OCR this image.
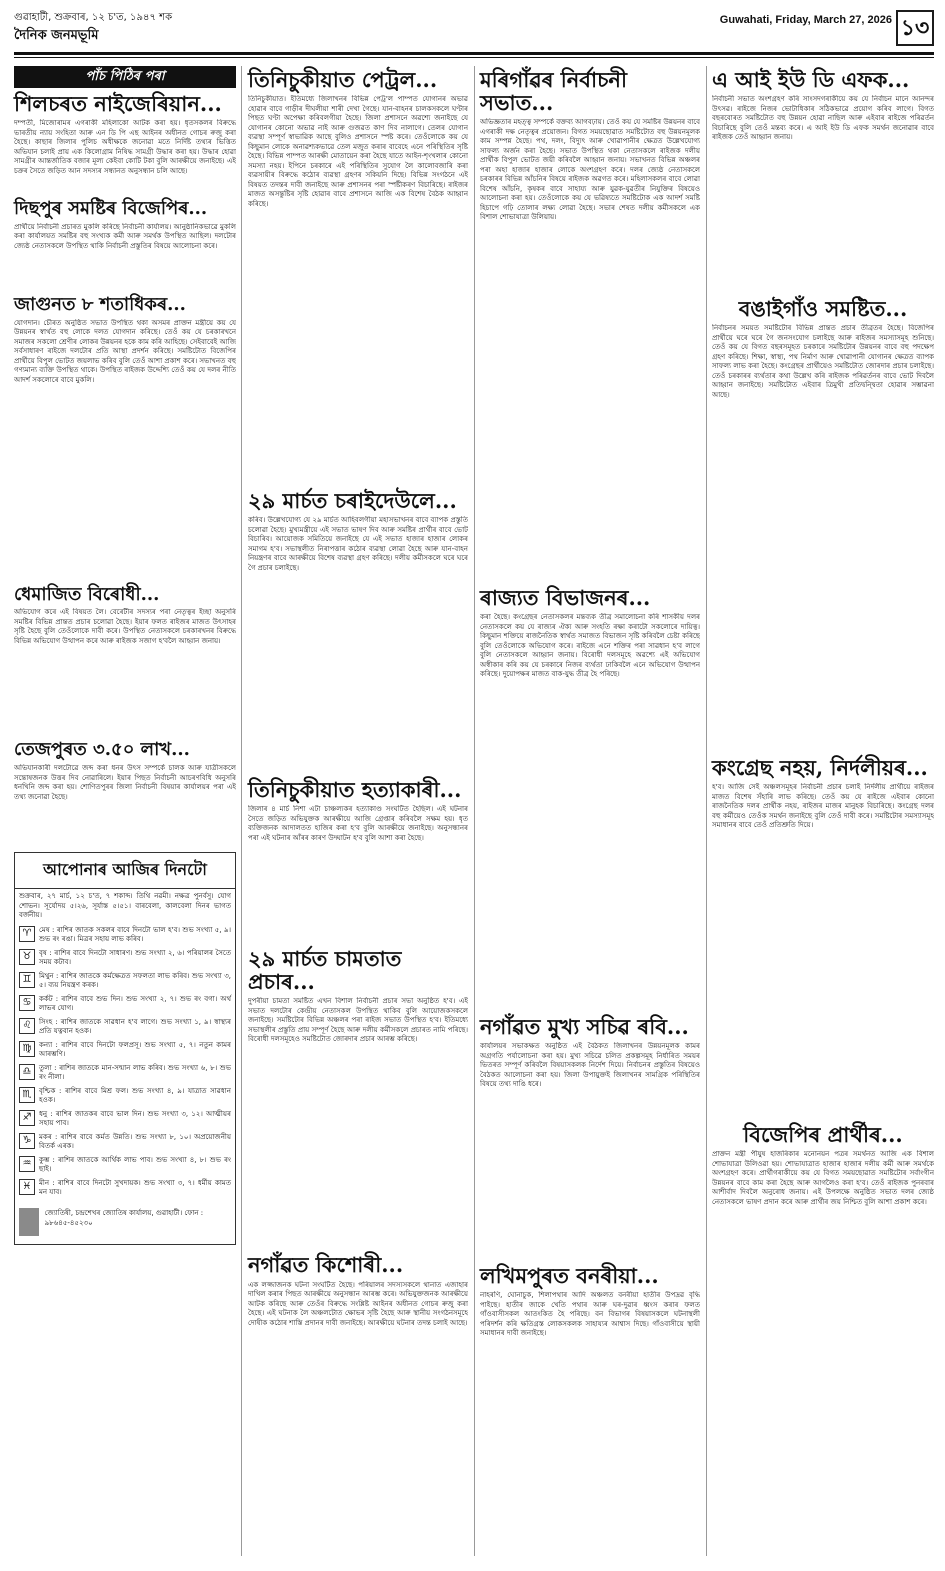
গুৱাহাটী, শুক্ৰবাৰ, ১২ চ'ত, ১৯৪৭ শক
দৈনিক জনমভূমি
Guwahati, Friday, March 27, 2026 ১৩
পাঁচ পিঠিৰ পৰা
শিলচৰত নাইজেৰিয়ান...
দম্পতী, মিজোৰামৰ এগৰাকী মহিলাকো আটক কৰা হয়। ধৃতসকলৰ বিৰুদ্ধে ভাৰতীয় ন্যায় সংহিতা আৰু এন ডি পি এছ আইনৰ অধীনত গোচৰ ৰুজু কৰা হৈছে। কাছাৰ জিলাৰ পুলিচ অধীক্ষকে জনোৱা মতে নিৰ্দিষ্ট তথ্যৰ ভিত্তিত অভিযান চলাই প্ৰায় এক কিলোগ্ৰাম নিষিদ্ধ সামগ্ৰী উদ্ধাৰ কৰা হয়। উদ্ধাৰ হোৱা সামগ্ৰীৰ আন্তৰ্জাতিক বজাৰ মূল্য কেইবা কোটি টকা বুলি আৰক্ষীয়ে জনাইছে। এই চক্ৰৰ সৈতে জড়িত আন সদস্যৰ সন্ধানত অনুসন্ধান চলি আছে।
দিছপুৰ সমষ্টিৰ বিজেপিৰ...
প্ৰাৰ্থীয়ে নিৰ্বাচনী প্ৰচাৰত মুকলি কৰিছে নিৰ্বাচনী কাৰ্যালয়। আনুষ্ঠানিকভাৱে মুকলি কৰা কাৰ্যালয়ত সমষ্টিৰ বহু সংখ্যক কৰ্মী আৰু সমৰ্থক উপস্থিত আছিল। দলটোৰ জ্যেষ্ঠ নেতাসকলে উপস্থিত থাকি নিৰ্বাচনী প্ৰস্তুতিৰ বিষয়ে আলোচনা কৰে।
জাগুনত ৮ শতাধিকৰ...
যোগদান। চৌৰত অনুষ্ঠিত সভাত উপস্থিত থকা অসমৰ প্ৰাক্তন মন্ত্ৰীয়ে কয় যে উন্নয়নৰ স্বাৰ্থত বহু লোকে দলত যোগদান কৰিছে। তেওঁ কয় যে চৰকাৰখনে সমাজৰ সকলো শ্ৰেণীৰ লোকৰ উন্নয়নৰ হকে কাম কৰি আহিছে। সেইবাবেই আজি সৰ্বসাধাৰণ ৰাইজে দলটোৰ প্ৰতি আস্থা প্ৰদৰ্শন কৰিছে। সমষ্টিটোত বিজেপিৰ প্ৰাৰ্থীয়ে বিপুল ভোটত জয়লাভ কৰিব বুলি তেওঁ আশা প্ৰকাশ কৰে। সভাখনত বহু গণ্যমান্য ব্যক্তি উপস্থিত থাকে। উপস্থিত ৰাইজক উদ্দেশ্যি তেওঁ কয় যে দলৰ নীতি আদৰ্শ সকলোৰে বাবে মুকলি।
ধেমাজিত বিৰোধী...
অভিযোগ কৰে এই বিষয়ত লৈ। বেৰেটীৰ সদস্যৰ পৰা নেতৃত্বৰ ইচ্ছা অনুসৰি সমষ্টিৰ বিভিন্ন প্ৰান্তত প্ৰচাৰ চলোৱা হৈছে। ইয়াৰ ফলত ৰাইজৰ মাজত উৎসাহৰ সৃষ্টি হৈছে বুলি তেওঁলোকে দাবী কৰে। উপস্থিত নেতাসকলে চৰকাৰখনৰ বিৰুদ্ধে বিভিন্ন অভিযোগ উত্থাপন কৰে আৰু ৰাইজক সজাগ হ'বলৈ আহ্বান জনায়।
তেজপুৰত ৩.৫০ লাখ...
অভিযানকাৰী দলটোৱে জব্দ কৰা ধনৰ উৎস সম্পৰ্কে চালক আৰু যাত্ৰীসকলে সন্তোষজনক উত্তৰ দিব নোৱাৰিলে। ইয়াৰ পিছত নিৰ্বাচনী আচৰণবিধি অনুসৰি ধনখিনি জব্দ কৰা হয়। শোণিতপুৰৰ জিলা নিৰ্বাচনী বিষয়াৰ কাৰ্যালয়ৰ পৰা এই তথ্য জনোৱা হৈছে।
আপোনাৰ আজিৰ দিনটো
শুক্ৰবাৰ, ২৭ মাৰ্চ, ১২ চ'ত, ৭ শকাব্দ। তিথি নৱমী। নক্ষত্ৰ পুনৰ্বসু। যোগ শোভন। সূৰ্যোদয় ৫।২৬, সূৰ্যাস্ত ৫।৫১। বাৰবেলা, কালবেলা দিনৰ ভাগত বৰ্জনীয়।
♈	মেষ : ৰাশিৰ জাতক সকলৰ বাবে দিনটো ভাল হ'ব। শুভ সংখ্যা ৫, ৯। শুভ ৰং ৰঙা। মিত্ৰৰ সহায় লাভ কৰিব।
♉	বৃষ : ৰাশিৰ বাবে দিনটো সাধাৰণ। শুভ সংখ্যা ২, ৬। পৰিয়ালৰ সৈতে সময় কটাব।
♊	মিথুন : ৰাশিৰ জাতকে কৰ্মক্ষেত্ৰত সফলতা লাভ কৰিব। শুভ সংখ্যা ৩, ৫। ব্যয় নিয়ন্ত্ৰণ কৰক।
♋	কৰ্কট : ৰাশিৰ বাবে শুভ দিন। শুভ সংখ্যা ২, ৭। শুভ ৰং বগা। অৰ্থ লাভৰ যোগ।
♌	সিংহ : ৰাশিৰ জাতকে সাৱধান হ'ব লাগে। শুভ সংখ্যা ১, ৯। স্বাস্থ্যৰ প্ৰতি যত্নবান হওক।
♍	কন্যা : ৰাশিৰ বাবে দিনটো ফলপ্ৰসূ। শুভ সংখ্যা ৫, ৭। নতুন কামৰ আৰম্ভণি।
♎	তুলা : ৰাশিৰ জাতকে মান-সন্মান লাভ কৰিব। শুভ সংখ্যা ৬, ৮। শুভ ৰং নীলা।
♏	বৃশ্চিক : ৰাশিৰ বাবে মিশ্ৰ ফল। শুভ সংখ্যা ৪, ৯। যাত্ৰাত সাৱধান হওক।
♐	ধনু : ৰাশিৰ জাতকৰ বাবে ভাল দিন। শুভ সংখ্যা ৩, ১২। আত্মীয়ৰ সহায় পাব।
♑	মকৰ : ৰাশিৰ বাবে কৰ্মত উন্নতি। শুভ সংখ্যা ৮, ১০। অপ্ৰয়োজনীয় বিতৰ্ক এৰক।
♒	কুম্ভ : ৰাশিৰ জাতকে আৰ্থিক লাভ পাব। শুভ সংখ্যা ৪, ৮। শুভ ৰং ছাই।
♓	মীন : ৰাশিৰ বাবে দিনটো সুখদায়ক। শুভ সংখ্যা ৩, ৭। ধৰ্মীয় কামত মন যাব।
জ্যোতিষী, চন্দ্ৰশেখৰ জ্যোতিষ কাৰ্যালয়, গুৱাহাটী। ফোন : ৯৮৬৪৫-৪৫২৩০
তিনিচুকীয়াত পেট্ৰল...
তিনিচুকীয়াত। ইতিমধ্যে জিলাখনৰ বিভিন্ন পেট্ৰ'ল পাম্পত যোগানৰ অভাৱ হোৱাৰ বাবে গাড়ীৰ দীঘলীয়া শাৰী দেখা গৈছে। যান-বাহনৰ চালকসকলে ঘণ্টাৰ পিছত ঘণ্টা অপেক্ষা কৰিবলগীয়া হৈছে। জিলা প্ৰশাসনে অৱশ্যে জনাইছে যে যোগানৰ কোনো অভাৱ নাই আৰু গুজৱত কাণ দিব নালাগে। তেলৰ যোগান ব্যৱস্থা সম্পূৰ্ণ স্বাভাৱিক আছে বুলিও প্ৰশাসনে স্পষ্ট কৰে। তেওঁলোকে কয় যে কিছুমান লোকে অনাৱশ্যকভাৱে তেল মজুত কৰাৰ বাবেহে এনে পৰিস্থিতিৰ সৃষ্টি হৈছে। বিভিন্ন পাম্পত আৰক্ষী মোতায়েন কৰা হৈছে যাতে আইন-শৃংখলাৰ কোনো সমস্যা নহয়। ইপিনে চৰকাৰে এই পৰিস্থিতিৰ সুযোগ লৈ কালোবজাৰি কৰা ব্যৱসায়ীৰ বিৰুদ্ধে কঠোৰ ব্যৱস্থা গ্ৰহণৰ সকিয়নি দিছে। বিভিন্ন সংগঠনে এই বিষয়ত তদন্তৰ দাবী জনাইছে আৰু প্ৰশাসনৰ পৰা স্পষ্টীকৰণ বিচাৰিছে। ৰাইজৰ মাজত অসন্তুষ্টিৰ সৃষ্টি হোৱাৰ বাবে প্ৰশাসনে আজি এক বিশেষ বৈঠক আহ্বান কৰিছে।
২৯ মাৰ্চত চৰাইদেউলে...
কৰিব। উল্লেখযোগ্য যে ২৯ মাৰ্চত আহিবলগীয়া মহাসভাখনৰ বাবে ব্যাপক প্ৰস্তুতি চলোৱা হৈছে। মুখ্যমন্ত্ৰীয়ে এই সভাত ভাষণ দিব আৰু সমষ্টিৰ প্ৰাৰ্থীৰ বাবে ভোট বিচাৰিব। আয়োজক সমিতিয়ে জনাইছে যে এই সভাত হাজাৰ হাজাৰ লোকৰ সমাগম হ'ব। সভাস্থলীত নিৰাপত্তাৰ কঠোৰ ব্যৱস্থা লোৱা হৈছে আৰু যান-বাহন নিয়ন্ত্ৰণৰ বাবে আৰক্ষীয়ে বিশেষ ব্যৱস্থা গ্ৰহণ কৰিছে। দলীয় কৰ্মীসকলে ঘৰে ঘৰে গৈ প্ৰচাৰ চলাইছে।
তিনিচুকীয়াত হত্যাকাৰী...
জিলাৰ ৪ মাৰ্চ নিশা এটা চাঞ্চল্যকৰ হত্যাকাণ্ড সংঘটিত হৈছিল। এই ঘটনাৰ সৈতে জড়িত অভিযুক্তক আৰক্ষীয়ে আজি গ্ৰেপ্তাৰ কৰিবলৈ সক্ষম হয়। ধৃত ব্যক্তিজনক আদালতত হাজিৰ কৰা হ'ব বুলি আৰক্ষীয়ে জনাইছে। অনুসন্ধানৰ পৰা এই ঘটনাৰ আঁৰৰ কাৰণ উদ্ঘাটন হ'ব বুলি আশা কৰা হৈছে।
২৯ মাৰ্চত চামতাত প্ৰচাৰ...
দুপৰীয়া চামতা সমষ্টিত এখন বিশাল নিৰ্বাচনী প্ৰচাৰ সভা অনুষ্ঠিত হ'ব। এই সভাত দলটোৰ কেন্দ্ৰীয় নেতাসকল উপস্থিত থাকিব বুলি আয়োজকসকলে জনাইছে। সমষ্টিটোৰ বিভিন্ন অঞ্চলৰ পৰা ৰাইজ সভাত উপস্থিত হ'ব। ইতিমধ্যে সভাস্থলীৰ প্ৰস্তুতি প্ৰায় সম্পূৰ্ণ হৈছে আৰু দলীয় কৰ্মীসকলে প্ৰচাৰত নামি পৰিছে। বিৰোধী দলসমূহেও সমষ্টিটোত জোৰদাৰ প্ৰচাৰ আৰম্ভ কৰিছে।
নগাঁৱত কিশোৰী...
এক লজ্জাজনক ঘটনা সংঘটিত হৈছে। পৰিয়ালৰ সদস্যসকলে থানাত এজাহাৰ দাখিল কৰাৰ পিছত আৰক্ষীয়ে অনুসন্ধান আৰম্ভ কৰে। অভিযুক্তজনক আৰক্ষীয়ে আটক কৰিছে আৰু তেওঁৰ বিৰুদ্ধে সংশ্লিষ্ট আইনৰ অধীনত গোচৰ ৰুজু কৰা হৈছে। এই ঘটনাক লৈ অঞ্চলটোত ক্ষোভৰ সৃষ্টি হৈছে আৰু স্থানীয় সংগঠনসমূহে দোষীক কঠোৰ শাস্তি প্ৰদানৰ দাবী জনাইছে। আৰক্ষীয়ে ঘটনাৰ তদন্ত চলাই আছে।
মৰিগাঁৱৰ নিৰ্বাচনী সভাত...
অভিজ্ঞতাৰ মহত্ত্ব সম্পৰ্কে বক্তব্য আগবঢ়ায়। তেওঁ কয় যে সমষ্টিৰ উন্নয়নৰ বাবে এগৰাকী দক্ষ নেতৃত্বৰ প্ৰয়োজন। বিগত সময়ছোৱাত সমষ্টিটোত বহু উন্নয়নমূলক কাম সম্পন্ন হৈছে। পথ, দলং, বিদ্যুৎ আৰু খোৱাপানীৰ ক্ষেত্ৰত উল্লেখযোগ্য সাফল্য অৰ্জন কৰা হৈছে। সভাত উপস্থিত থকা নেতাসকলে ৰাইজক দলীয় প্ৰাৰ্থীক বিপুল ভোটত জয়ী কৰিবলৈ আহ্বান জনায়। সভাখনত বিভিন্ন অঞ্চলৰ পৰা অহা হাজাৰ হাজাৰ লোকে অংশগ্ৰহণ কৰে। দলৰ জ্যেষ্ঠ নেতাসকলে চৰকাৰৰ বিভিন্ন আঁচনিৰ বিষয়ে ৰাইজক অৱগত কৰে। মহিলাসকলৰ বাবে লোৱা বিশেষ আঁচনি, কৃষকৰ বাবে সাহায্য আৰু যুৱক-যুৱতীৰ নিযুক্তিৰ বিষয়েও আলোচনা কৰা হয়। তেওঁলোকে কয় যে ভৱিষ্যতে সমষ্টিটোক এক আদৰ্শ সমষ্টি হিচাপে গঢ়ি তোলাৰ লক্ষ্য লোৱা হৈছে। সভাৰ শেষত দলীয় কৰ্মীসকলে এক বিশাল শোভাযাত্ৰা উলিয়ায়।
ৰাজ্যত বিভাজনৰ...
কৰা হৈছে। কংগ্ৰেছৰ নেতাসকলৰ মন্তব্যক তীব্ৰ সমালোচনা কৰি শাসকীয় দলৰ নেতাসকলে কয় যে ৰাজ্যৰ ঐক্য আৰু সংহতি ৰক্ষা কৰাটো সকলোৰে দায়িত্ব। কিছুমান শক্তিয়ে ৰাজনৈতিক স্বাৰ্থত সমাজত বিভাজন সৃষ্টি কৰিবলৈ চেষ্টা কৰিছে বুলি তেওঁলোকে অভিযোগ কৰে। ৰাইজে এনে শক্তিৰ পৰা সাৱধান হ'ব লাগে বুলি নেতাসকলে আহ্বান জনায়। বিৰোধী দলসমূহে অৱশ্যে এই অভিযোগ অস্বীকাৰ কৰি কয় যে চৰকাৰে নিজৰ ব্যৰ্থতা ঢাকিবলৈ এনে অভিযোগ উত্থাপন কৰিছে। দুয়োপক্ষৰ মাজত বাক-যুদ্ধ তীব্ৰ হৈ পৰিছে।
নগাঁৱত মুখ্য সচিৱ ৰবি...
কাৰ্যালয়ৰ সভাকক্ষত অনুষ্ঠিত এই বৈঠকত জিলাখনৰ উন্নয়নমূলক কামৰ অগ্ৰগতি পৰ্যালোচনা কৰা হয়। মুখ্য সচিৱে চলিত প্ৰকল্পসমূহ নিৰ্ধাৰিত সময়ৰ ভিতৰত সম্পূৰ্ণ কৰিবলৈ বিষয়াসকলক নিৰ্দেশ দিয়ে। নিৰ্বাচনৰ প্ৰস্তুতিৰ বিষয়েও বৈঠকত আলোচনা কৰা হয়। জিলা উপায়ুক্তই জিলাখনৰ সামগ্ৰিক পৰিস্থিতিৰ বিষয়ে তথ্য দাঙি ধৰে।
লখিমপুৰত বনৰীয়া...
নাহৰণি, ঘোনাচুক, শিলাপথাৰ আদি অঞ্চলত বনৰীয়া হাতীৰ উপদ্ৰৱ বৃদ্ধি পাইছে। হাতীৰ জাকে খেতি পথাৰ আৰু ঘৰ-দুৱাৰ ধ্বংস কৰাৰ ফলত গাঁওবাসীসকল আতংকিত হৈ পৰিছে। বন বিভাগৰ বিষয়াসকলে ঘটনাস্থলী পৰিদৰ্শন কৰি ক্ষতিগ্ৰস্ত লোকসকলক সাহায্যৰ আশ্বাস দিছে। গাঁওবাসীয়ে স্থায়ী সমাধানৰ দাবী জনাইছে।
এ আই ইউ ডি এফক...
নিৰ্বাচনী সভাত অংশগ্ৰহণ কৰি সাংসদগৰাকীয়ে কয় যে নিৰ্বাচন মানে আনন্দৰ উৎসৱ। ৰাইজে নিজৰ ভোটাধিকাৰ সঠিকভাৱে প্ৰয়োগ কৰিব লাগে। বিগত বছৰবোৰত সমষ্টিটোত বহু উন্নয়ন হোৱা নাছিল আৰু এইবাৰ ৰাইজে পৰিৱৰ্তন বিচাৰিছে বুলি তেওঁ মন্তব্য কৰে। এ আই ইউ ডি এফক সমৰ্থন জনোৱাৰ বাবে ৰাইজক তেওঁ আহ্বান জনায়।
বঙাইগাঁও সমষ্টিত...
নিৰ্বাচনৰ সময়ত সমষ্টিটোৰ বিভিন্ন প্ৰান্তত প্ৰচাৰ তীব্ৰতৰ হৈছে। বিজেপিৰ প্ৰাৰ্থীয়ে ঘৰে ঘৰে গৈ জনসংযোগ চলাইছে আৰু ৰাইজৰ সমস্যাসমূহ শুনিছে। তেওঁ কয় যে বিগত বছৰসমূহত চৰকাৰে সমষ্টিটোৰ উন্নয়নৰ বাবে বহু পদক্ষেপ গ্ৰহণ কৰিছে। শিক্ষা, স্বাস্থ্য, পথ নিৰ্মাণ আৰু খোৱাপানী যোগানৰ ক্ষেত্ৰত ব্যাপক সাফল্য লাভ কৰা হৈছে। কংগ্ৰেছৰ প্ৰাৰ্থীয়েও সমষ্টিটোত জোৰদাৰ প্ৰচাৰ চলাইছে। তেওঁ চৰকাৰৰ ব্যৰ্থতাৰ কথা উল্লেখ কৰি ৰাইজক পৰিৱৰ্তনৰ বাবে ভোট দিবলৈ আহ্বান জনাইছে। সমষ্টিটোত এইবাৰ ত্ৰিমুখী প্ৰতিদ্বন্দ্বিতা হোৱাৰ সম্ভাৱনা আছে।
কংগ্ৰেছ নহয়, নিৰ্দলীয়ৰ...
হ'ব। আজি সেই অঞ্চলসমূহৰ নিৰ্বাচনী প্ৰচাৰ চলাই নিৰ্দলীয় প্ৰাৰ্থীয়ে ৰাইজৰ মাজত বিশেষ সঁহাৰি লাভ কৰিছে। তেওঁ কয় যে ৰাইজে এইবাৰ কোনো ৰাজনৈতিক দলৰ প্ৰাৰ্থীক নহয়, ৰাইজৰ মাজৰ মানুহক বিচাৰিছে। কংগ্ৰেছ দলৰ বহু কৰ্মীয়েও তেওঁক সমৰ্থন জনাইছে বুলি তেওঁ দাবী কৰে। সমষ্টিটোৰ সমস্যাসমূহ সমাধানৰ বাবে তেওঁ প্ৰতিশ্ৰুতি দিয়ে।
বিজেপিৰ প্ৰাৰ্থীৰ...
প্ৰাক্তন মন্ত্ৰী পীযুষ হাজৰিকাৰ মনোনয়ন পত্ৰৰ সমৰ্থনত আজি এক বিশাল শোভাযাত্ৰা উলিওৱা হয়। শোভাযাত্ৰাত হাজাৰ হাজাৰ দলীয় কৰ্মী আৰু সমৰ্থকে অংশগ্ৰহণ কৰে। প্ৰাৰ্থীগৰাকীয়ে কয় যে বিগত সময়ছোৱাত সমষ্টিটোৰ সৰ্বাংগীন উন্নয়নৰ বাবে কাম কৰা হৈছে আৰু আগলৈও কৰা হ'ব। তেওঁ ৰাইজক পুনৰবাৰ আশীৰ্বাদ দিবলৈ অনুৰোধ জনায়। এই উপলক্ষে অনুষ্ঠিত সভাত দলৰ জ্যেষ্ঠ নেতাসকলে ভাষণ প্ৰদান কৰে আৰু প্ৰাৰ্থীৰ জয় নিশ্চিত বুলি আশা প্ৰকাশ কৰে।
